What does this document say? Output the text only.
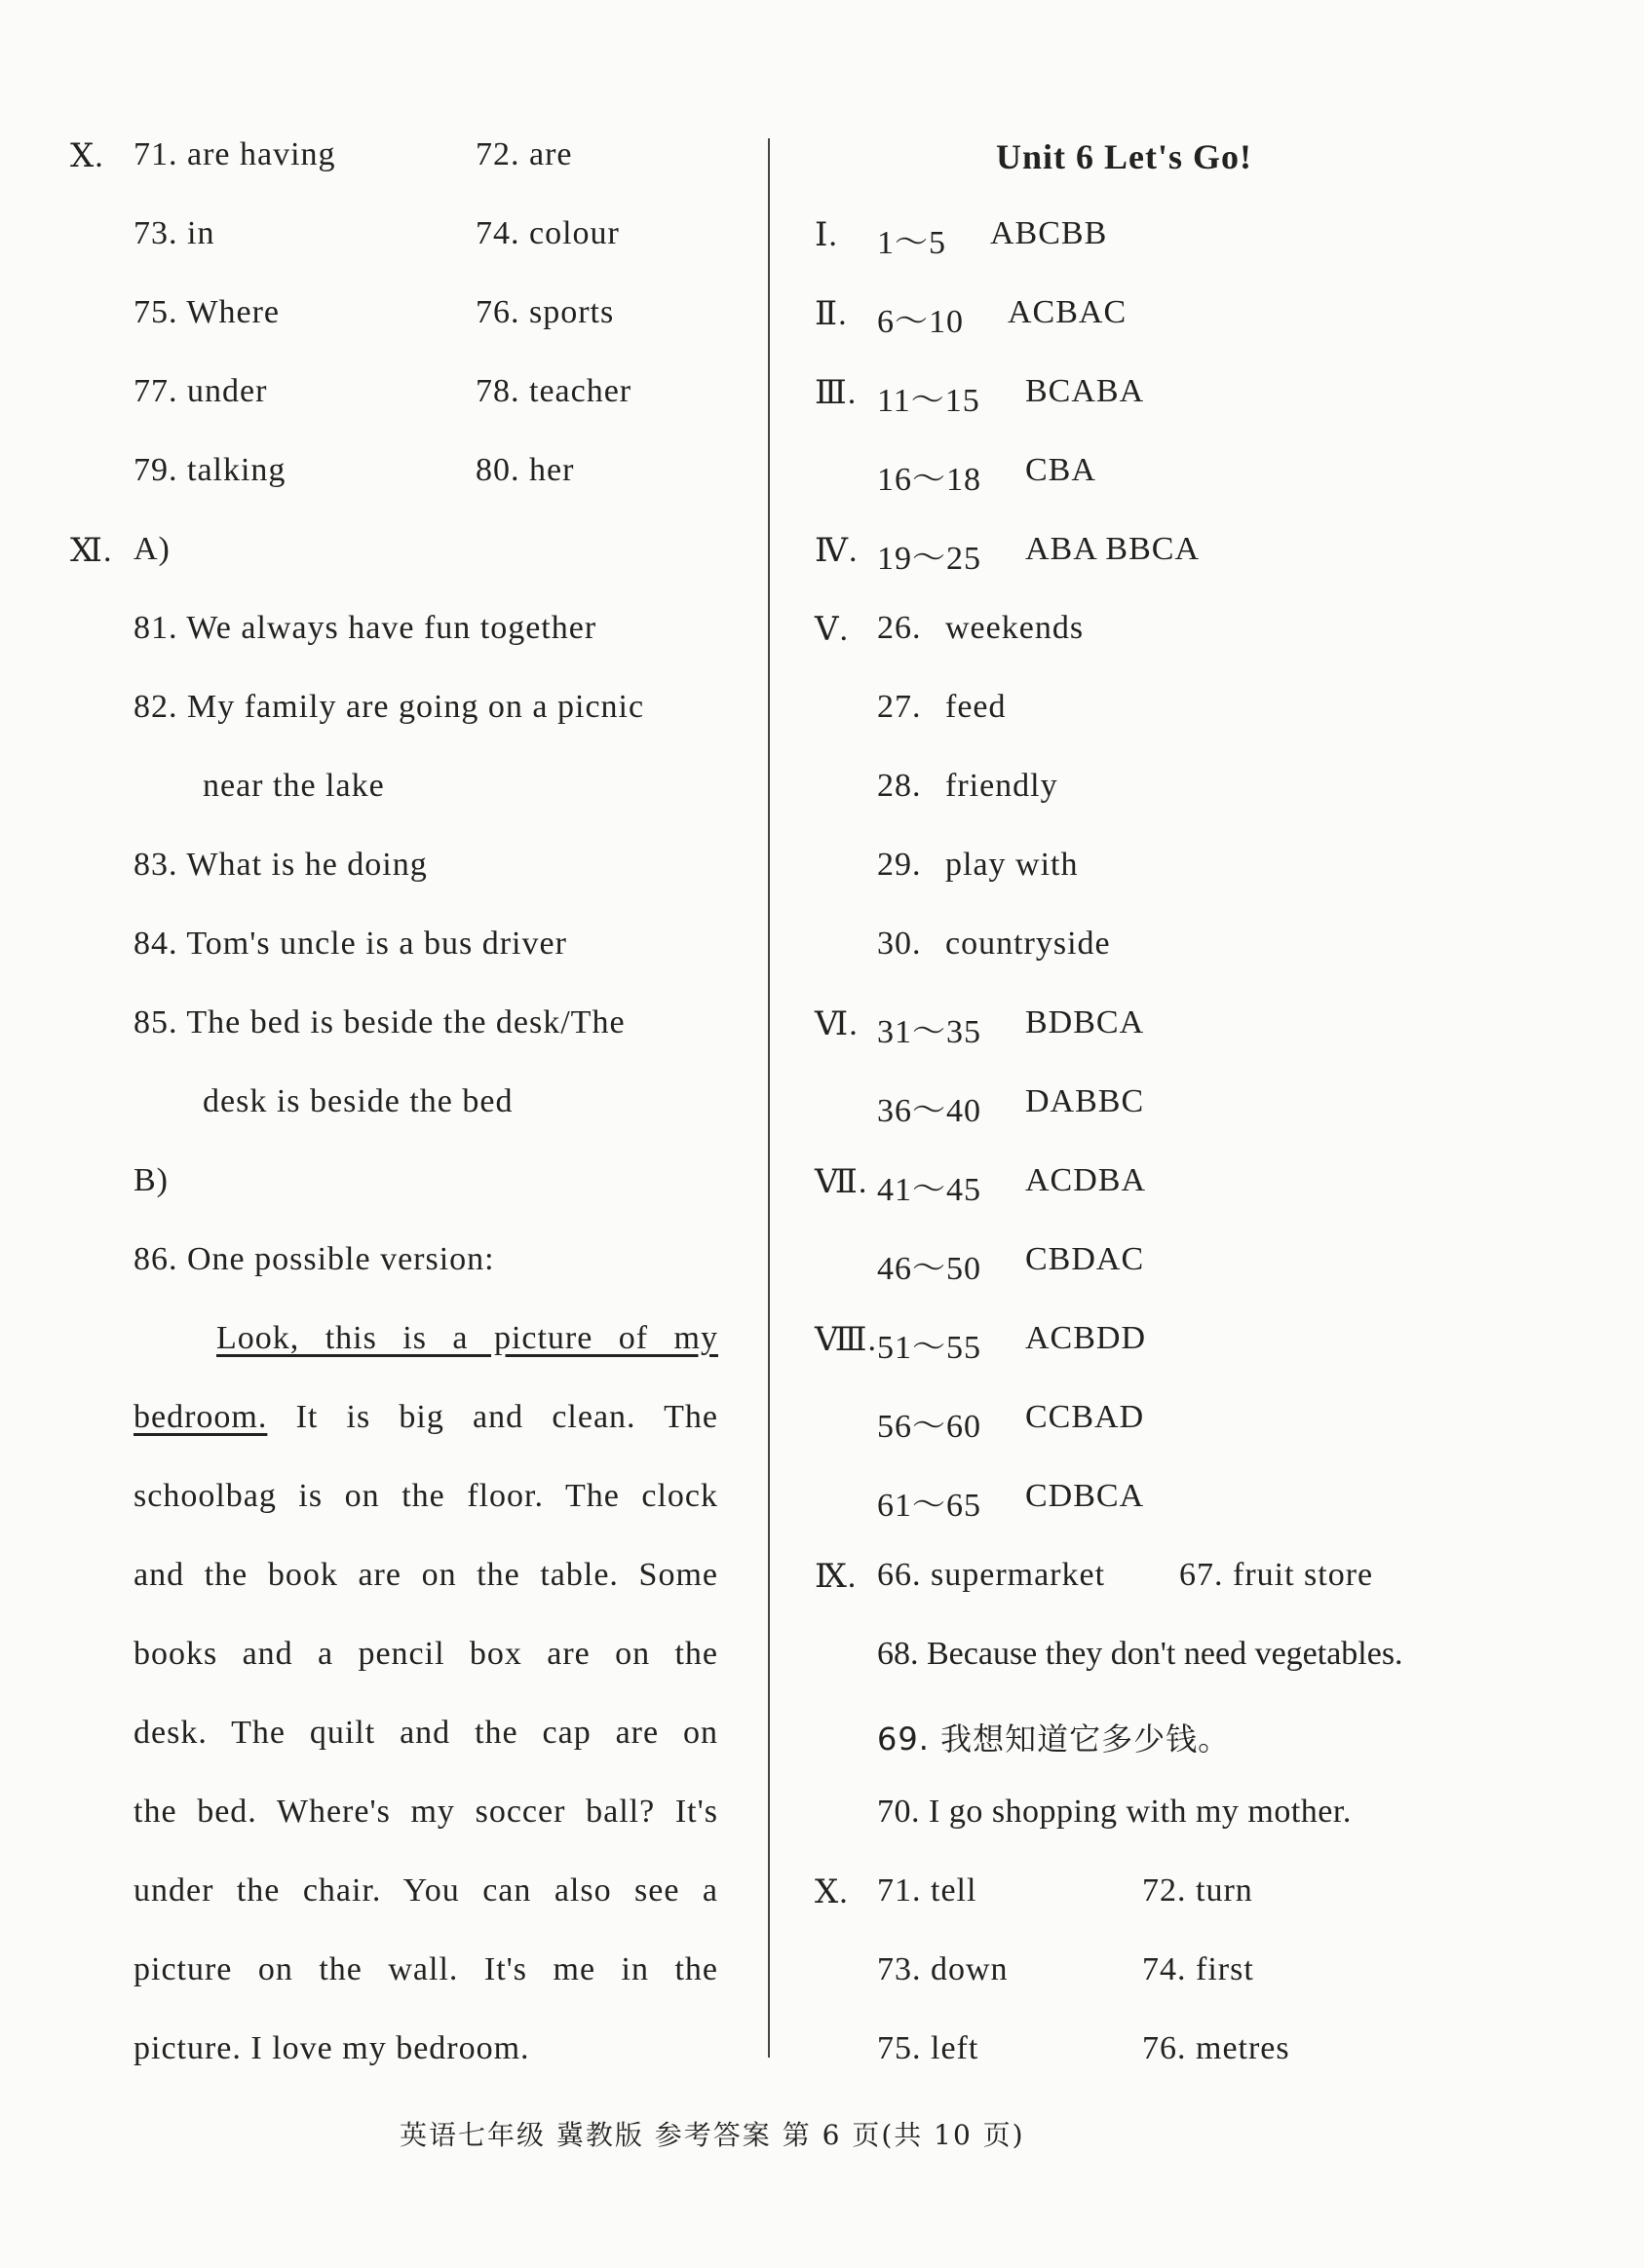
Ⅹ. 71. are having	72. are
73. in	74. colour
75. Where	76. sports
77. under	78. teacher
79. talking	80. her
Ⅺ. A)
81. We always have fun together
82. My family are going on a picnic
near the lake
83. What is he doing
84. Tom's uncle is a bus driver
85. The bed is beside the desk/The
desk is beside the bed
B)
86. One possible version:
Look, this is a picture of my
bedroom. It is big and clean. The
schoolbag is on the floor. The clock
and the book are on the table. Some
books and a pencil box are on the
desk. The quilt and the cap are on
the bed. Where's my soccer ball? It's
under the chair. You can also see a
picture on the wall. It's me in the
picture. I love my bedroom.
Unit 6 Let's Go!
Ⅰ. 1～5 ABCBB
Ⅱ. 6～10 ACBAC
Ⅲ. 11～15 BCABA
16～18 CBA
Ⅳ. 19～25 ABA BBCA
Ⅴ. 26. weekends
27. feed
28. friendly
29. play with
30. countryside
Ⅵ. 31～35 BDBCA
36～40 DABBC
Ⅶ. 41～45 ACDBA
46～50 CBDAC
Ⅷ. 51～55 ACBDD
56～60 CCBAD
61～65 CDBCA
Ⅸ. 66. supermarket 67. fruit store
68. Because they don't need vegetables.
69. 我想知道它多少钱。
70. I go shopping with my mother.
Ⅹ. 71. tell	72. turn
73. down	74. first
75. left	76. metres
英语七年级 冀教版 参考答案 第 6 页(共 10 页)
